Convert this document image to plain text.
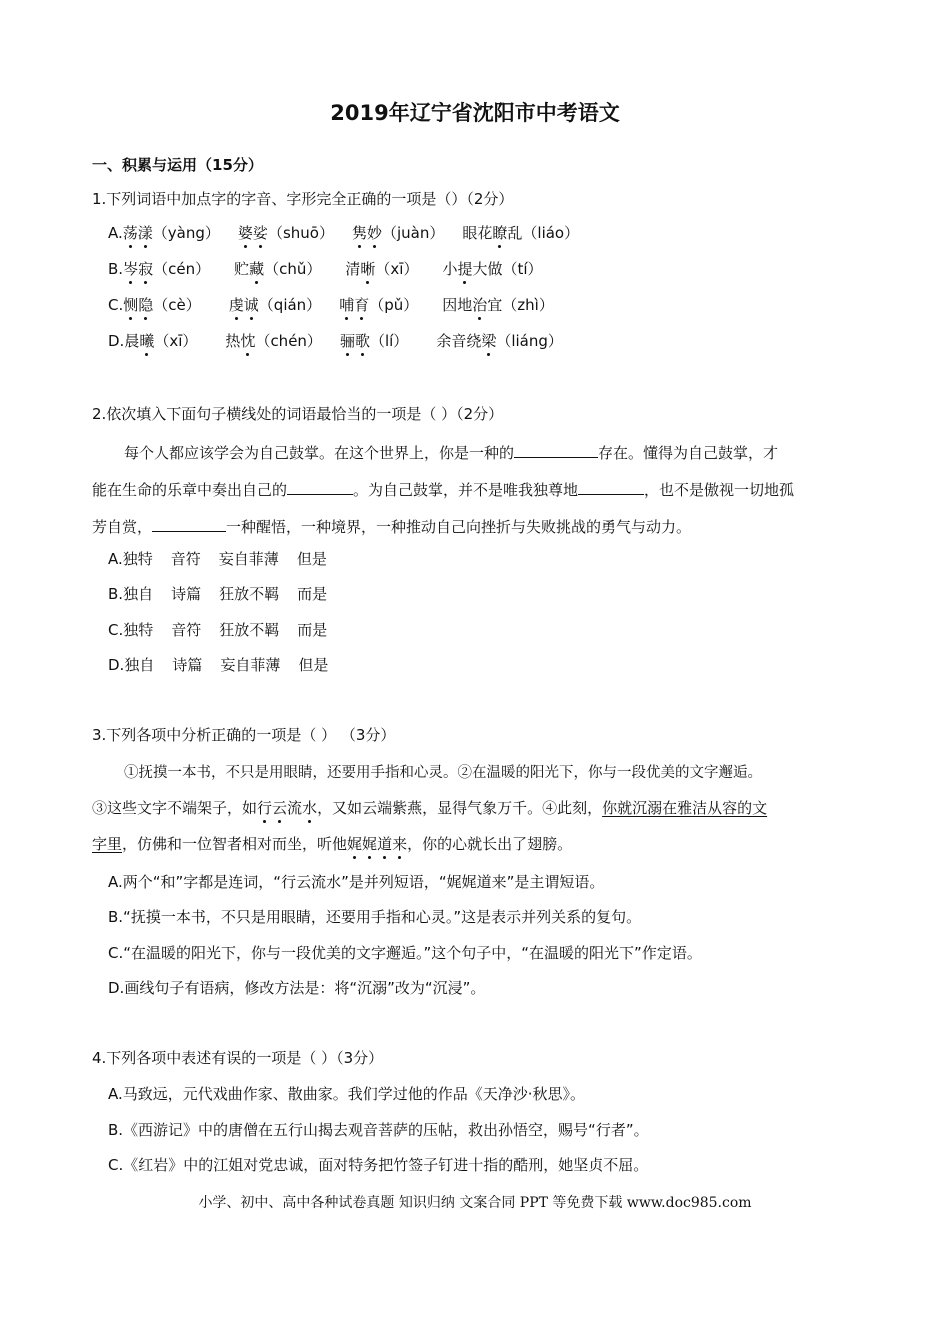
2019年辽宁省沈阳市中考语文
一、积累与运用（15分）
1.下列词语中加点字的字音、字形完全正确的一项是（）（2分）
A.荡漾（yàng） 婆娑（shuō） 隽妙（juàn） 眼花瞭乱（liáo）
B.岑寂（cén） 贮藏（chǔ） 清晰（xī） 小提大做（tí）
C.恻隐（cè） 虔诚（qián） 哺育（pǔ） 因地治宜（zhì）
D.晨曦（xī） 热忱（chén） 骊歌（lí） 余音绕梁（liáng）
2.依次填入下面句子横线处的词语最恰当的一项是（ ）（2分）
每个人都应该学会为自己鼓掌。在这个世界上，你是一种的	存在。懂得为自己鼓掌，才
能在生命的乐章中奏出自己的	。为自己鼓掌，并不是唯我独尊地	，也不是傲视一切地孤
芳自赏，	一种醒悟，一种境界，一种推动自己向挫折与失败挑战的勇气与动力。
A.独特 音符 妄自菲薄 但是
B.独自 诗篇 狂放不羁 而是
C.独特 音符 狂放不羁 而是
D.独自 诗篇 妄自菲薄 但是
3.下列各项中分析正确的一项是（ ） （3分）
①抚摸一本书，不只是用眼睛，还要用手指和心灵。②在温暖的阳光下，你与一段优美的文字邂逅。
③这些文字不端架子，如行云流水，又如云端紫燕，显得气象万千。④此刻，你就沉溺在雅洁从容的文
字里，仿佛和一位智者相对而坐，听他娓娓道来，你的心就长出了翅膀。
A.两个“和”字都是连词，“行云流水”是并列短语，“娓娓道来”是主谓短语。
B.“抚摸一本书，不只是用眼睛，还要用手指和心灵。”这是表示并列关系的复句。
C.“在温暖的阳光下，你与一段优美的文字邂逅。”这个句子中，“在温暖的阳光下”作定语。
D.画线句子有语病，修改方法是：将“沉溺”改为“沉浸”。
4.下列各项中表述有误的一项是（ ）（3分）
A.马致远，元代戏曲作家、散曲家。我们学过他的作品《天净沙·秋思》。
B.《西游记》中的唐僧在五行山揭去观音菩萨的压帖，救出孙悟空，赐号“行者”。
C.《红岩》中的江姐对党忠诚，面对特务把竹签子钉进十指的酷刑，她坚贞不屈。
小学、初中、高中各种试卷真题 知识归纳 文案合同 PPT 等免费下载 www.doc985.com
